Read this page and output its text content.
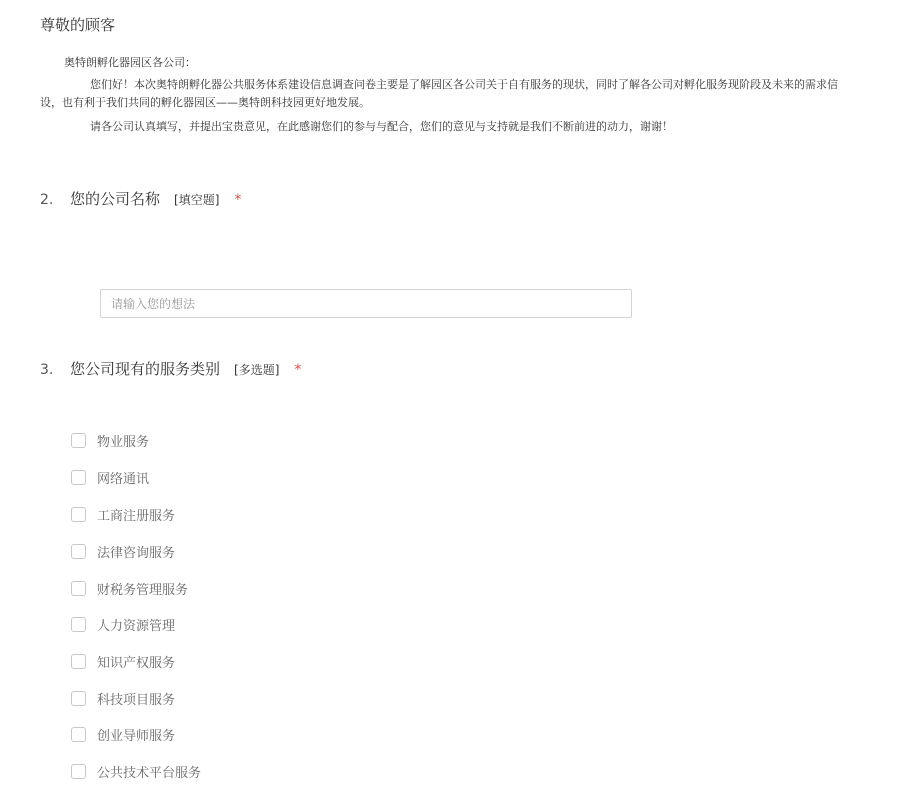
尊敬的顾客
奥特朗孵化器园区各公司：
您们好！本次奥特朗孵化器公共服务体系建设信息调查问卷主要是了解园区各公司关于自有服务的现状，同时了解各公司对孵化服务现阶段及未来的需求信
设，也有利于我们共同的孵化器园区——奥特朗科技园更好地发展。
请各公司认真填写，并提出宝贵意见，在此感谢您们的参与与配合，您们的意见与支持就是我们不断前进的动力，谢谢！
2.	您的公司名称 [填空题] *
请输入您的想法
3.	您公司现有的服务类别 [多选题] *
物业服务
网络通讯
工商注册服务
法律咨询服务
财税务管理服务
人力资源管理
知识产权服务
科技项目服务
创业导师服务
公共技术平台服务
